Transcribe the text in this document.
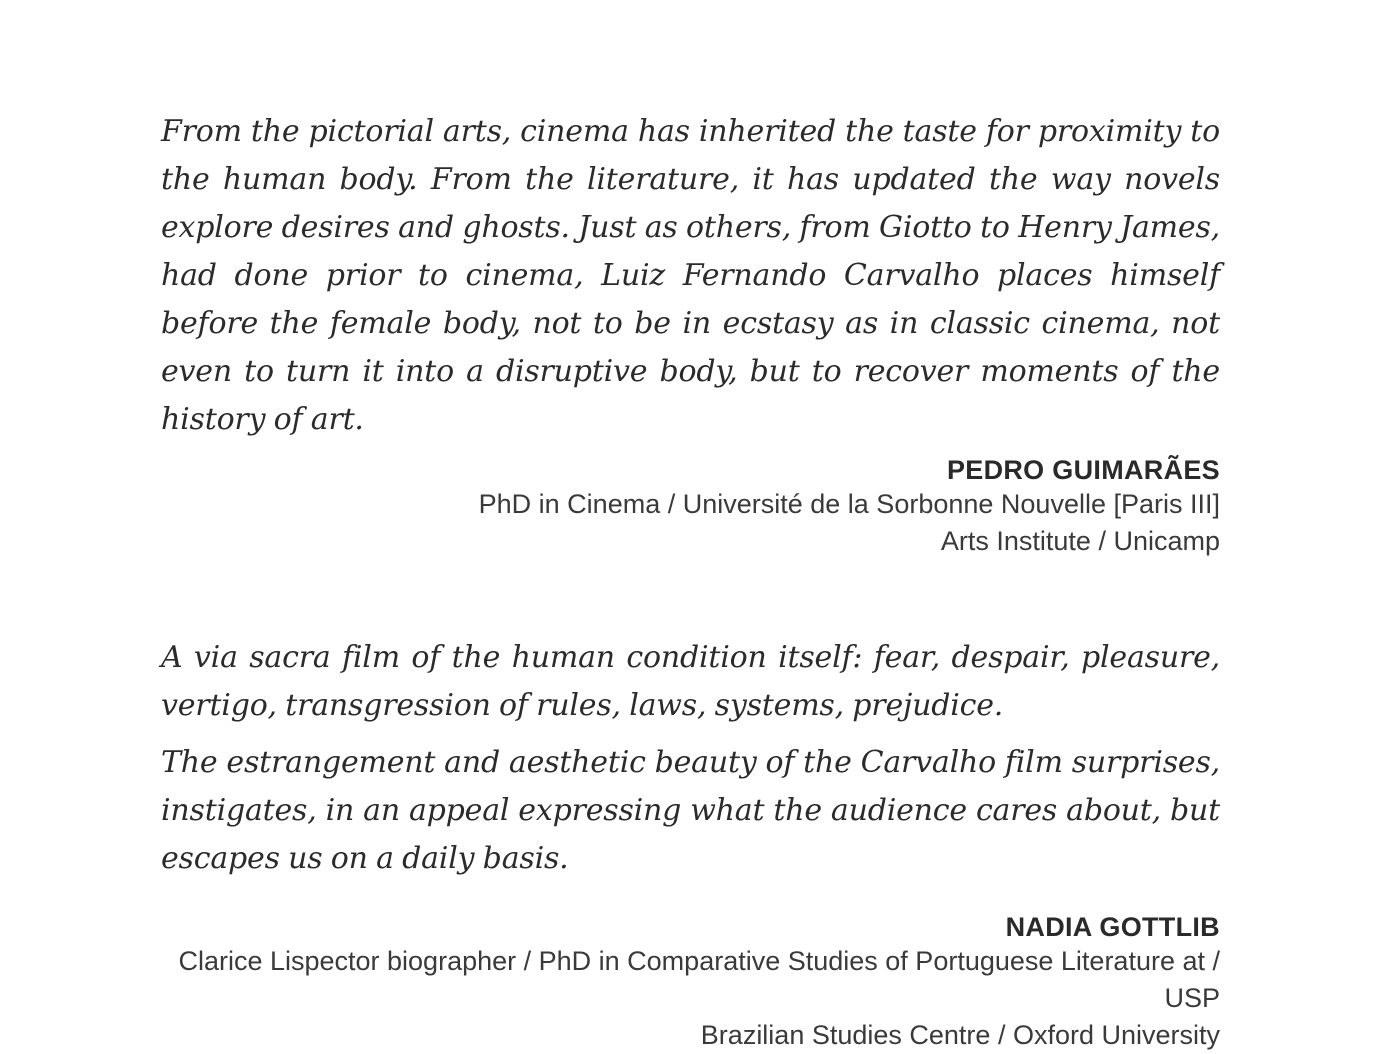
From the pictorial arts, cinema has inherited the taste for proximity to the human body. From the literature, it has updated the way novels explore desires and ghosts. Just as others, from Giotto to Henry James, had done prior to cinema, Luiz Fernando Carvalho places himself before the female body, not to be in ecstasy as in classic cinema, not even to turn it into a disruptive body, but to recover moments of the history of art.

PEDRO GUIMARÃES
PhD in Cinema / Université de la Sorbonne Nouvelle [Paris III]
Arts Institute / Unicamp

A via sacra film of the human condition itself: fear, despair, pleasure, vertigo, transgression of rules, laws, systems, prejudice.

The estrangement and aesthetic beauty of the Carvalho film surprises, instigates, in an appeal expressing what the audience cares about, but escapes us on a daily basis.

NADIA GOTTLIB
Clarice Lispector biographer / PhD in Comparative Studies of Portuguese Literature at / USP
Brazilian Studies Centre / Oxford University
